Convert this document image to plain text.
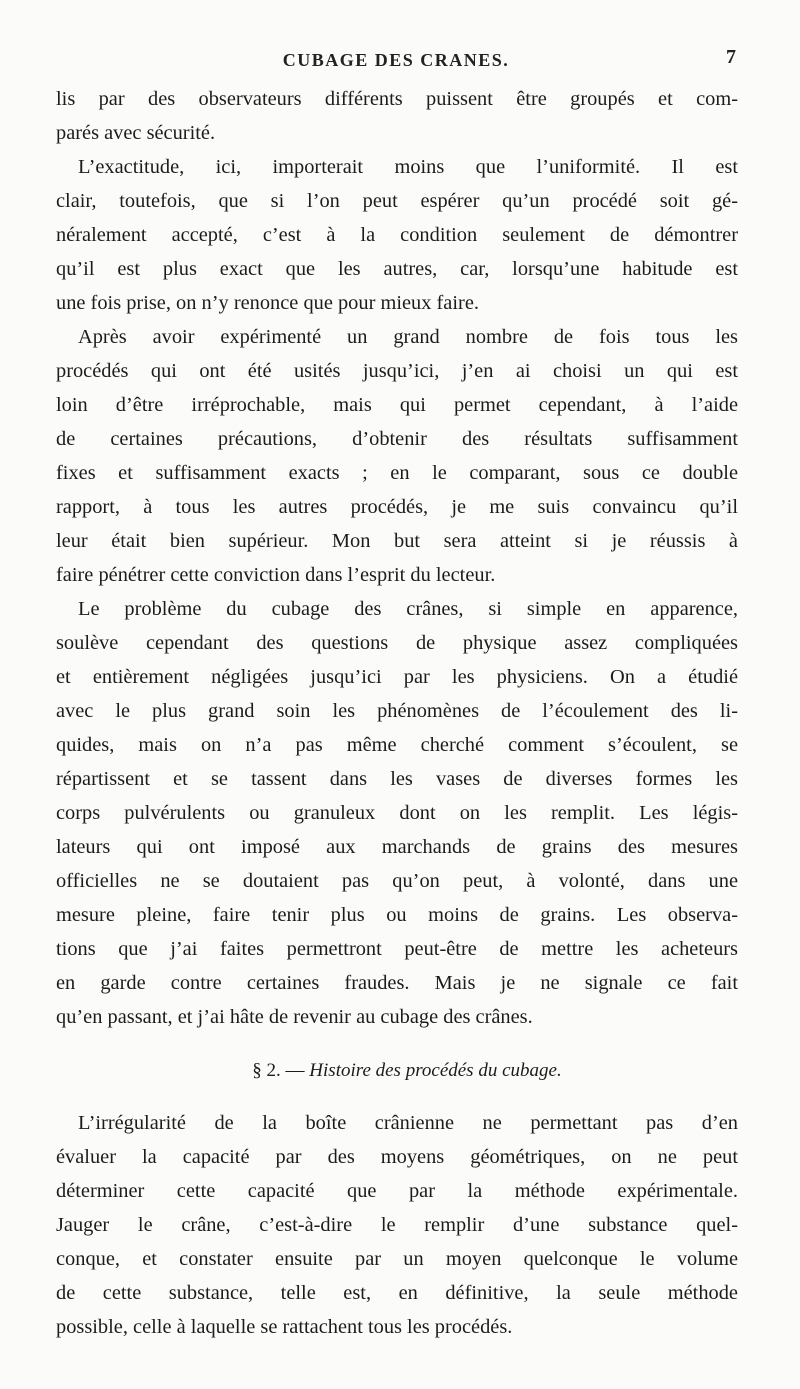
CUBAGE DES CRANES.	7
lis par des observateurs différents puissent être groupés et com-
parés avec sécurité.
L’exactitude, ici, importerait moins que l’uniformité. Il est
clair, toutefois, que si l’on peut espérer qu’un procédé soit gé-
néralement accepté, c’est à la condition seulement de démontrer
qu’il est plus exact que les autres, car, lorsqu’une habitude est
une fois prise, on n’y renonce que pour mieux faire.
Après avoir expérimenté un grand nombre de fois tous les
procédés qui ont été usités jusqu’ici, j’en ai choisi un qui est
loin d’être irréprochable, mais qui permet cependant, à l’aide
de certaines précautions, d’obtenir des résultats suffisamment
fixes et suffisamment exacts ; en le comparant, sous ce double
rapport, à tous les autres procédés, je me suis convaincu qu’il
leur était bien supérieur. Mon but sera atteint si je réussis à
faire pénétrer cette conviction dans l’esprit du lecteur.
Le problème du cubage des crânes, si simple en apparence,
soulève cependant des questions de physique assez compliquées
et entièrement négligées jusqu’ici par les physiciens. On a étudié
avec le plus grand soin les phénomènes de l’écoulement des li-
quides, mais on n’a pas même cherché comment s’écoulent, se
répartissent et se tassent dans les vases de diverses formes les
corps pulvérulents ou granuleux dont on les remplit. Les légis-
lateurs qui ont imposé aux marchands de grains des mesures
officielles ne se doutaient pas qu’on peut, à volonté, dans une
mesure pleine, faire tenir plus ou moins de grains. Les observa-
tions que j’ai faites permettront peut-être de mettre les acheteurs
en garde contre certaines fraudes. Mais je ne signale ce fait
qu’en passant, et j’ai hâte de revenir au cubage des crânes.
§ 2. — Histoire des procédés du cubage.
L’irrégularité de la boîte crânienne ne permettant pas d’en
évaluer la capacité par des moyens géométriques, on ne peut
déterminer cette capacité que par la méthode expérimentale.
Jauger le crâne, c’est-à-dire le remplir d’une substance quel-
conque, et constater ensuite par un moyen quelconque le volume
de cette substance, telle est, en définitive, la seule méthode
possible, celle à laquelle se rattachent tous les procédés.
